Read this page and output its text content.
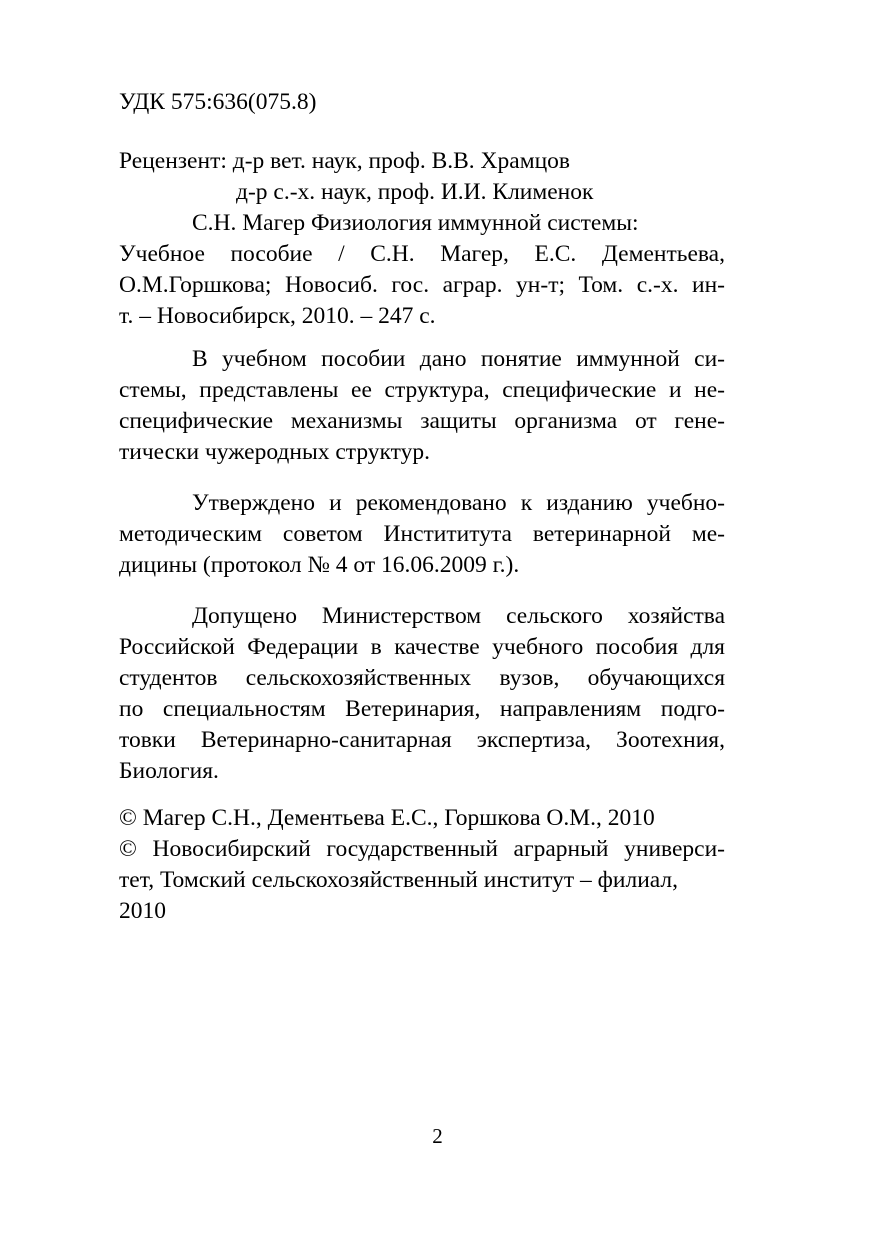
УДК 575:636(075.8)
Рецензент: д-р вет. наук, проф. В.В. Храмцов
д-р с.-х. наук, проф. И.И. Клименок
С.Н. Магер Физиология иммунной системы:
Учебное пособие / С.Н. Магер, Е.С. Дементьева,
О.М.Горшкова; Новосиб. гос. аграр. ун-т; Том. с.-х. ин-
т. – Новосибирск, 2010. – 247 с.
В учебном пособии дано понятие иммунной си-
стемы, представлены ее структура, специфические и не-
специфические механизмы защиты организма от гене-
тически чужеродных структур.
Утверждено и рекомендовано к изданию учебно-
методическим советом Инстититута ветеринарной ме-
дицины (протокол № 4 от 16.06.2009 г.).
Допущено Министерством сельского хозяйства
Российской Федерации в качестве учебного пособия для
студентов сельскохозяйственных вузов, обучающихся
по специальностям Ветеринария, направлениям подго-
товки Ветеринарно-санитарная экспертиза, Зоотехния,
Биология.
© Магер С.Н., Дементьева Е.С., Горшкова О.М., 2010
© Новосибирский государственный аграрный универси-
тет, Томский сельскохозяйственный институт – филиал,
2010
2
